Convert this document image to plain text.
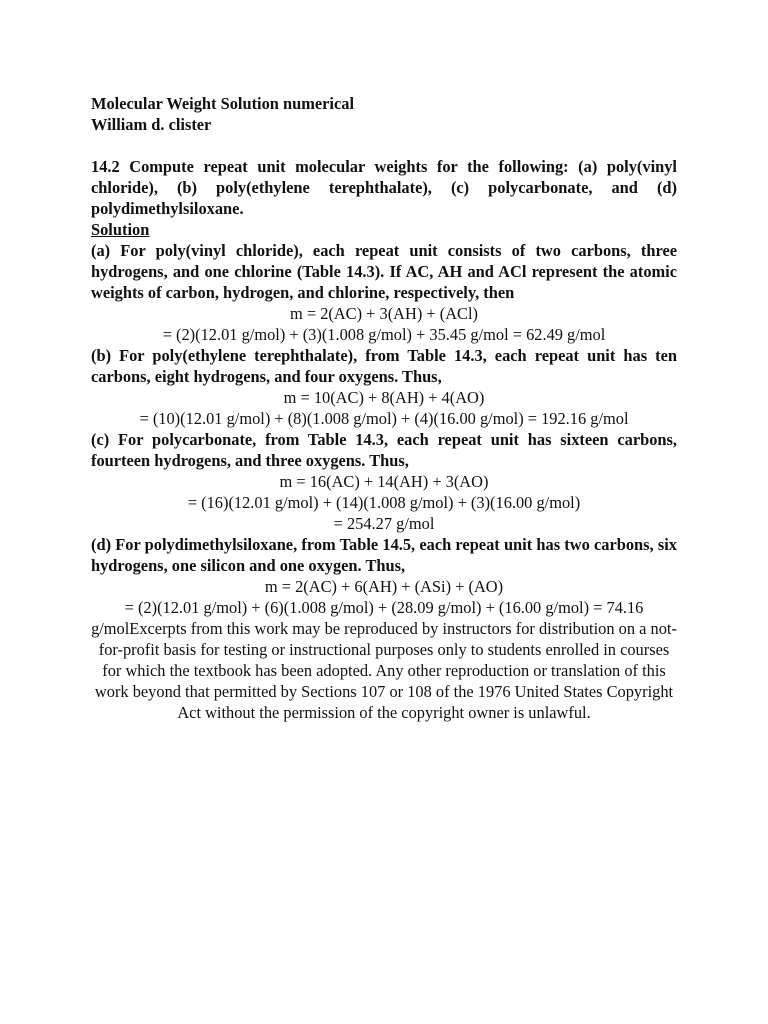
Molecular Weight Solution numerical
William d. clister
14.2 Compute repeat unit molecular weights for the following: (a) poly(vinyl chloride), (b) poly(ethylene terephthalate), (c) polycarbonate, and (d) polydimethylsiloxane.
Solution
(a) For poly(vinyl chloride), each repeat unit consists of two carbons, three hydrogens, and one chlorine (Table 14.3). If AC, AH and ACl represent the atomic weights of carbon, hydrogen, and chlorine, respectively, then
m = 2(AC) + 3(AH) + (ACl)
= (2)(12.01 g/mol) + (3)(1.008 g/mol) + 35.45 g/mol = 62.49 g/mol
(b) For poly(ethylene terephthalate), from Table 14.3, each repeat unit has ten carbons, eight hydrogens, and four oxygens. Thus,
m = 10(AC) + 8(AH) + 4(AO)
= (10)(12.01 g/mol) + (8)(1.008 g/mol) + (4)(16.00 g/mol) = 192.16 g/mol
(c) For polycarbonate, from Table 14.3, each repeat unit has sixteen carbons, fourteen hydrogens, and three oxygens. Thus,
m = 16(AC) + 14(AH) + 3(AO)
= (16)(12.01 g/mol) + (14)(1.008 g/mol) + (3)(16.00 g/mol)
= 254.27 g/mol
(d) For polydimethylsiloxane, from Table 14.5, each repeat unit has two carbons, six hydrogens, one silicon and one oxygen. Thus,
m = 2(AC) + 6(AH) + (ASi) + (AO)
= (2)(12.01 g/mol) + (6)(1.008 g/mol) + (28.09 g/mol) + (16.00 g/mol) = 74.16 g/molExcerpts from this work may be reproduced by instructors for distribution on a not-for-profit basis for testing or instructional purposes only to students enrolled in courses for which the textbook has been adopted. Any other reproduction or translation of this work beyond that permitted by Sections 107 or 108 of the 1976 United States Copyright Act without the permission of the copyright owner is unlawful.
